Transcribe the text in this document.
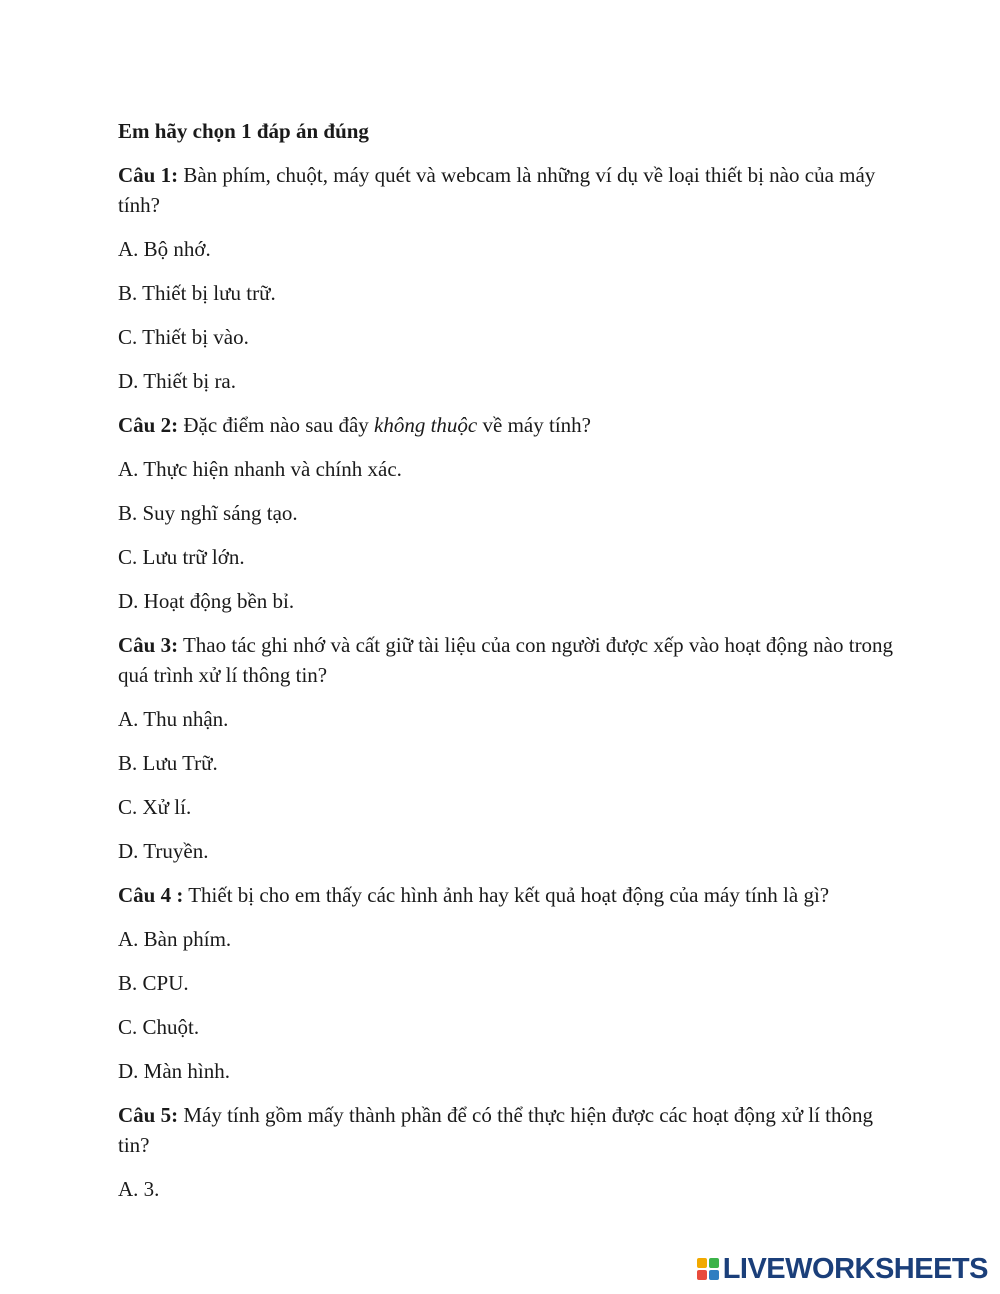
Em hãy chọn 1 đáp án đúng
Câu 1: Bàn phím, chuột, máy quét và webcam là những ví dụ về loại thiết bị nào của máy tính?
A. Bộ nhớ.
B. Thiết bị lưu trữ.
C. Thiết bị vào.
D. Thiết bị ra.
Câu 2: Đặc điểm nào sau đây không thuộc về máy tính?
A. Thực hiện nhanh và chính xác.
B. Suy nghĩ sáng tạo.
C. Lưu trữ lớn.
D. Hoạt động bền bỉ.
Câu 3: Thao tác ghi nhớ và cất giữ tài liệu của con người được xếp vào hoạt động nào trong quá trình xử lí thông tin?
A. Thu nhận.
B. Lưu Trữ.
C. Xử lí.
D. Truyền.
Câu 4 : Thiết bị cho em thấy các hình ảnh hay kết quả hoạt động của máy tính là gì?
A. Bàn phím.
B. CPU.
C. Chuột.
D. Màn hình.
Câu 5: Máy tính gồm mấy thành phần để có thể thực hiện được các hoạt động xử lí thông tin?
A. 3.
LIVEWORKSHEETS
